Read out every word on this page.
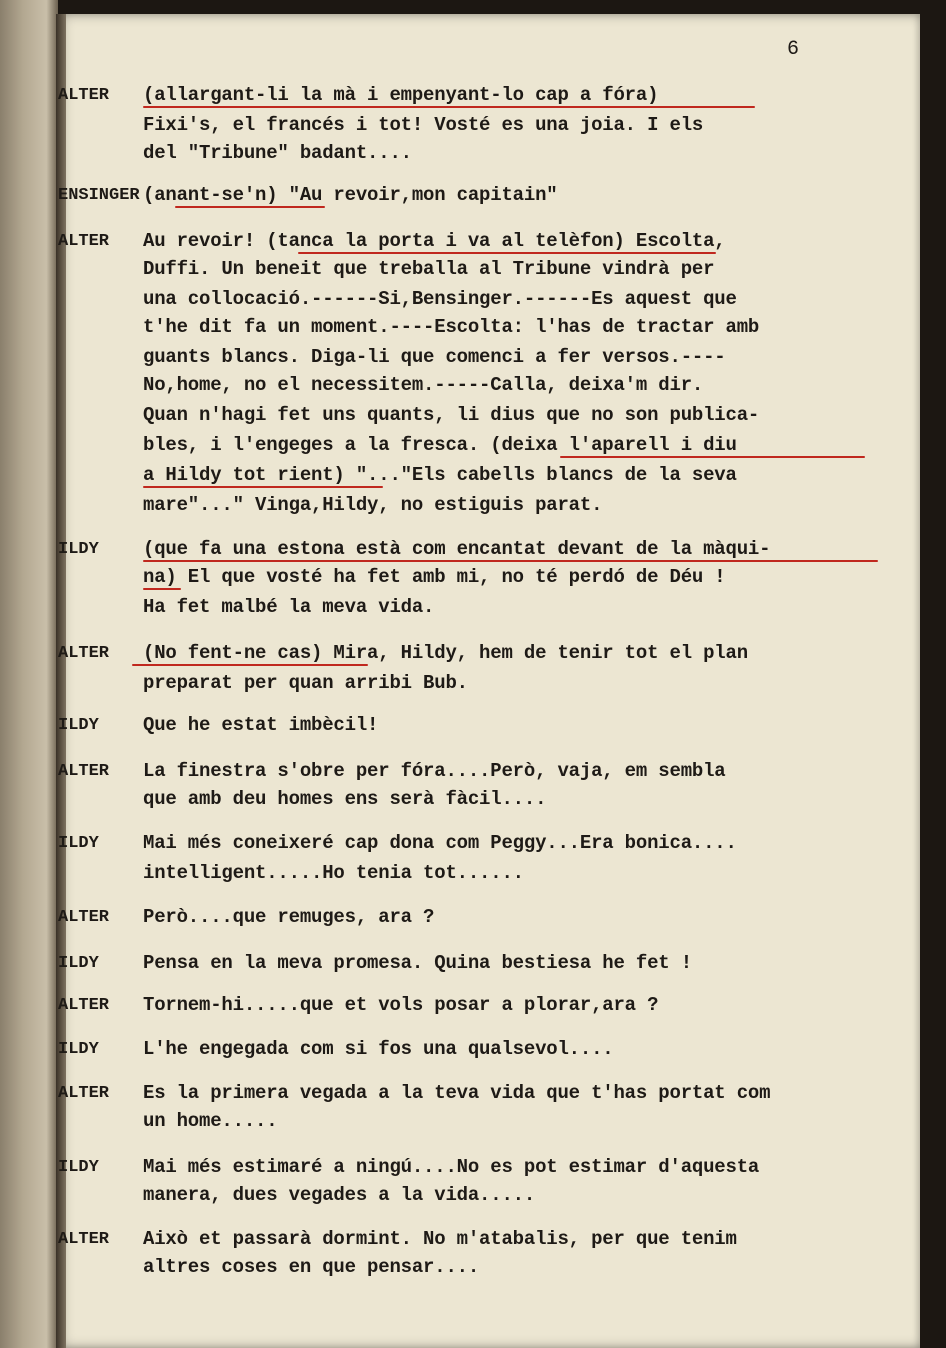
6
ALTER
ENSINGER
ALTER
ILDY
ALTER
ILDY
ALTER
ILDY
ALTER
ILDY
ALTER
ILDY
ALTER
ILDY
ALTER
(allargant-li la mà i empenyant-lo cap a fóra)
Fixi's, el francés i tot! Vosté es una joia. I els
del "Tribune" badant....
(anant-se'n) "Au revoir,mon capitain"
Au revoir! (tanca la porta i va al telèfon) Escolta,
Duffi. Un beneit que treballa al Tribune vindrà per
una collocació.------Si,Bensinger.------Es aquest que
t'he dit fa un moment.----Escolta: l'has de tractar amb
guants blancs. Diga-li que comenci a fer versos.----
No,home, no el necessitem.-----Calla, deixa'm dir.
Quan n'hagi fet uns quants, li dius que no son publica-
bles, i l'engeges a la fresca. (deixa l'aparell i diu
a Hildy tot rient) "..."Els cabells blancs de la seva
mare"..." Vinga,Hildy, no estiguis parat.
(que fa una estona està com encantat devant de la màqui-
na) El que vosté ha fet amb mi, no té perdó de Déu !
Ha fet malbé la meva vida.
(No fent-ne cas) Mira, Hildy, hem de tenir tot el plan
preparat per quan arribi Bub.
Que he estat imbècil!
La finestra s'obre per fóra....Però, vaja, em sembla
que amb deu homes ens serà fàcil....
Mai més coneixeré cap dona com Peggy...Era bonica....
intelligent.....Ho tenia tot......
Però....que remuges, ara ?
Pensa en la meva promesa. Quina bestiesa he fet !
Tornem-hi.....que et vols posar a plorar,ara ?
L'he engegada com si fos una qualsevol....
Es la primera vegada a la teva vida que t'has portat com
un home.....
Mai més estimaré a ningú....No es pot estimar d'aquesta
manera, dues vegades a la vida.....
Això et passarà dormint. No m'atabalis, per que tenim
altres coses en que pensar....
